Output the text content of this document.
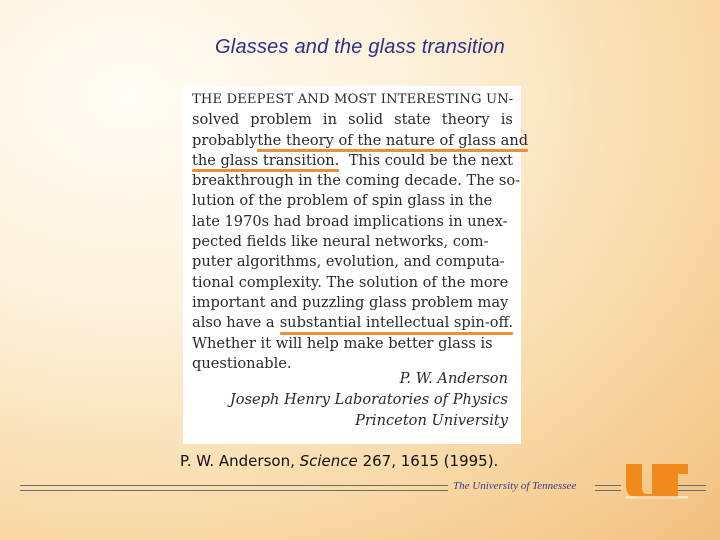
Glasses and the glass transition
THE DEEPEST AND MOST INTERESTING UN-
solved problem in solid state theory is
probably the theory of the nature of glass and
the glass transition. This could be the next
breakthrough in the coming decade. The so-
lution of the problem of spin glass in the
late 1970s had broad implications in unex-
pected fields like neural networks, com-
puter algorithms, evolution, and computa-
tional complexity. The solution of the more
important and puzzling glass problem may
also have a substantial intellectual spin-off.
Whether it will help make better glass is
questionable.
P. W. Anderson
Joseph Henry Laboratories of Physics
Princeton University
P. W. Anderson, Science 267, 1615 (1995).
The University of Tennessee
